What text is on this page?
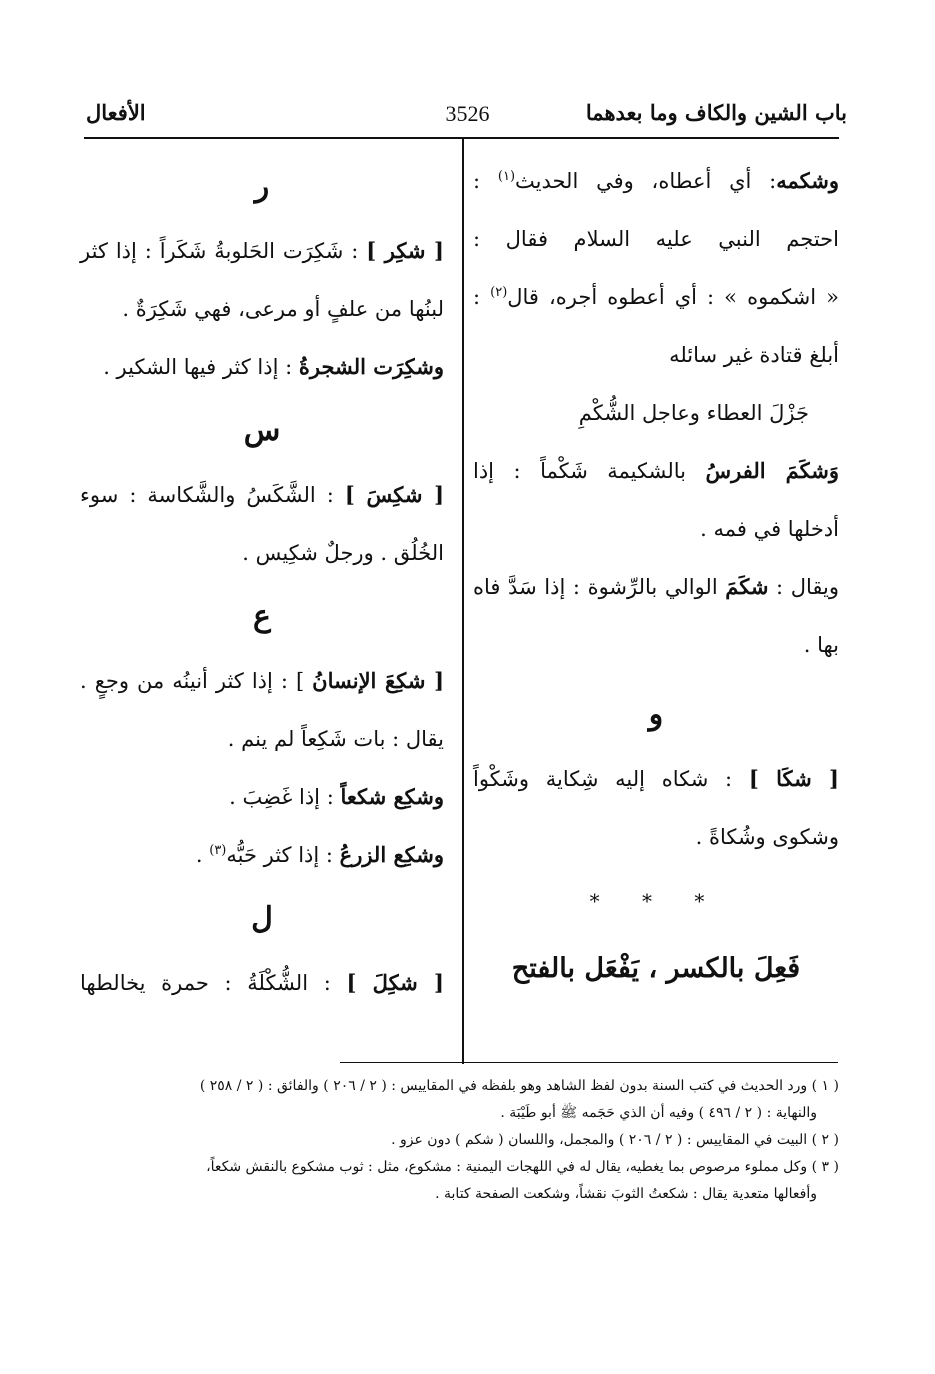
باب الشين والكاف وما بعدهما
3526
الأفعال
وشكمه: أي أعطاه، وفي الحديث$^{(١)}$ :
احتجم النبي عليه السلام فقال :
« اشكموه » : أي أعطوه أجره، قال$^{(٢)}$ :
أبلغ قتادة غير سائله
جَزْلَ العطاء وعاجل الشُّكْمِ
وَشكَمَ الفرسُ بالشكيمة شَكْماً : إذا
أدخلها في فمه .
ويقال : شكَمَ الوالي بالرِّشوة : إذا سَدَّ فاه
بها .
و
[ شكَا ] : شكاه إليه شِكاية وشَكْواً
وشكوى وشُكاةً .
* * *
فَعِلَ بالكسر ، يَفْعَل بالفتح
ر
[ شكِر ] : شَكِرَت الحَلوبةُ شَكَراً : إذا كثر
لبنُها من علفٍ أو مرعى، فهي شَكِرَةٌ .
وشكِرَت الشجرةُ : إذا كثر فيها الشكير .
س
[ شكِسَ ] : الشَّكَسُ والشَّكاسة : سوء
الخُلُق . ورجلٌ شكِيس .
ع
[ شكِعَ الإنسانُ ] : إذا كثر أنينُه من وجعٍ .
يقال : بات شَكِعاً لم ينم .
وشكِع شكعاً : إذا غَضِبَ .
وشكِع الزرعُ : إذا كثر حَبُّه$^{(٣)}$ .
ل
[ شكِلَ ] : الشُّكْلَةُ : حمرة يخالطها
( ١ ) ورد الحديث في كتب السنة بدون لفظ الشاهد وهو بلفظه في المقاييس : ( ٢ / ٢٠٦ ) والفائق : ( ٢ / ٢٥٨ )
والنهاية : ( ٢ / ٤٩٦ ) وفيه أن الذي حَجَمه ﷺ أبو طَيْبَة .
( ٢ ) البيت في المقاييس : ( ٢ / ٢٠٦ ) والمجمل، واللسان ( شكم ) دون عزو .
( ٣ ) وكل مملوء مرصوص بما يغطيه، يقال له في اللهجات اليمنية : مشكوع، مثل : ثوب مشكوع بالنقش شكعاً،
وأفعالها متعدية يقال : شكعتُ الثوبَ نقشاً، وشكعت الصفحة كتابة .
